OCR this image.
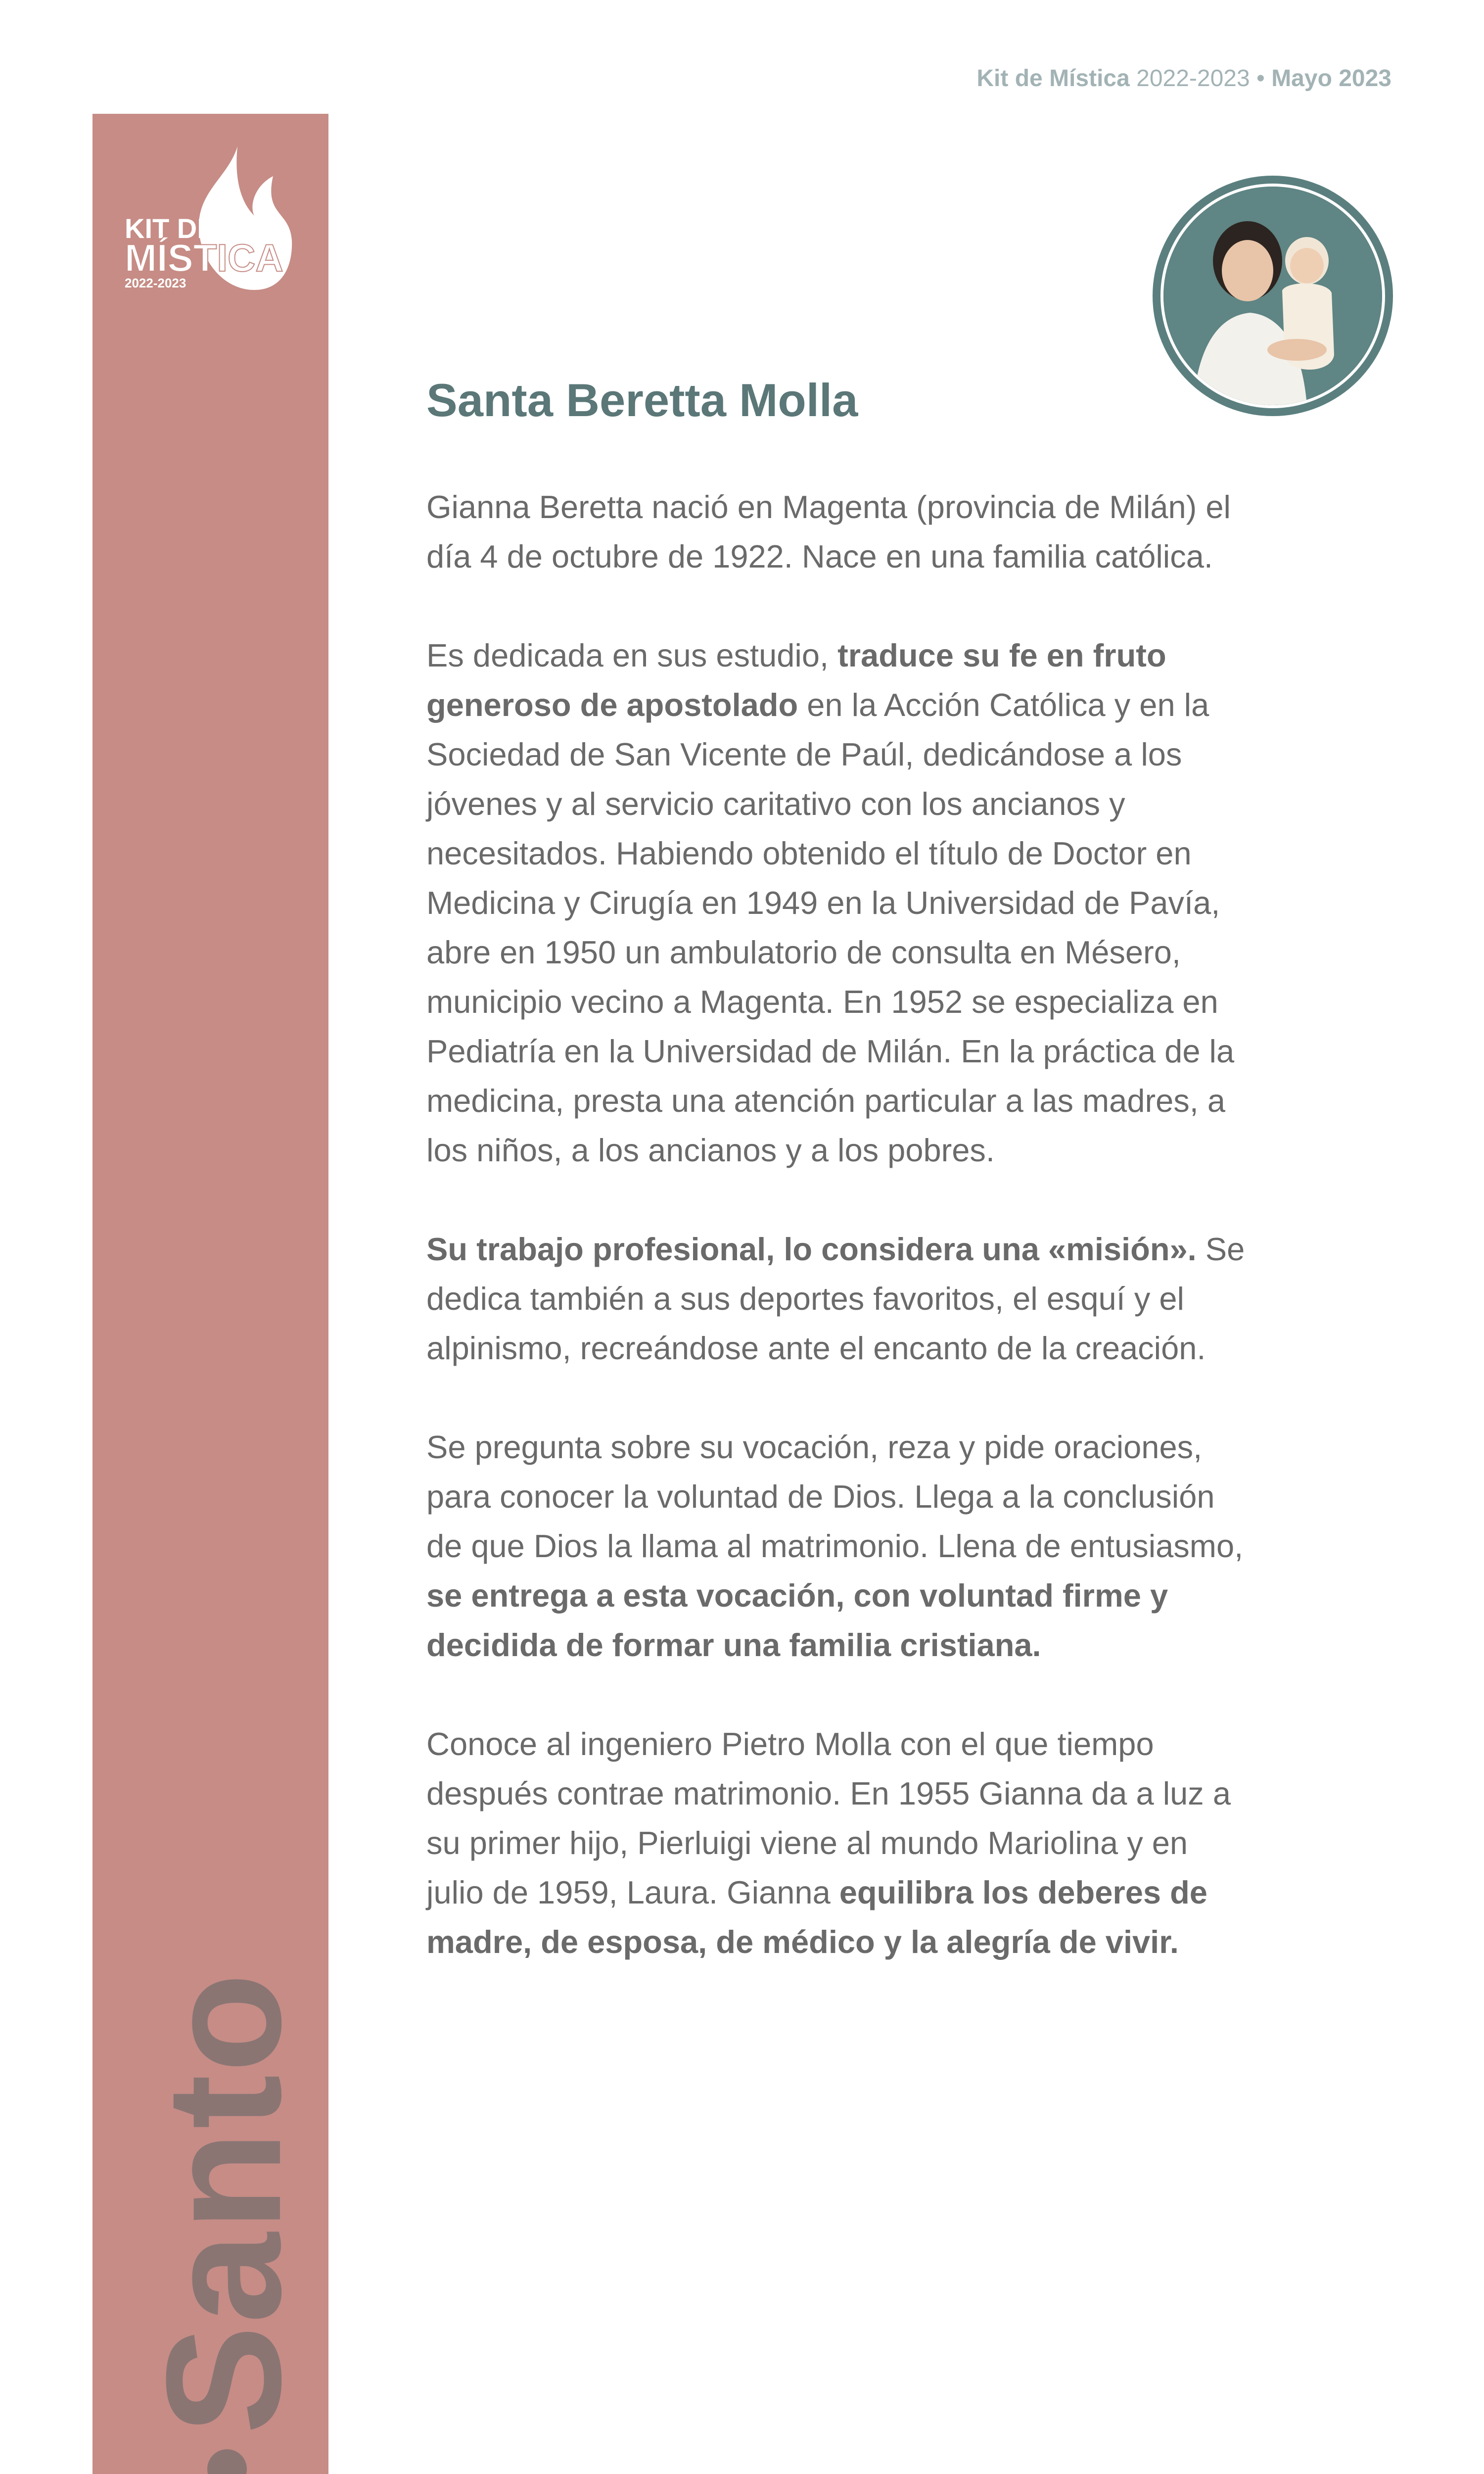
Kit de Mística 2022-2023 • Mayo 2023
KIT DE
MÍSTICA
2022-2023
Santo
Santa Beretta Molla

Gianna Beretta nació en Magenta (provincia de Milán) el día 4 de octubre de 1922. Nace en una familia católica.

Es dedicada en sus estudio, traduce su fe en fruto generoso de apostolado en la Acción Católica y en la Sociedad de San Vicente de Paúl, dedicándose a los jóvenes y al servicio caritativo con los ancianos y necesitados. Habiendo obtenido el título de Doctor en Medicina y Cirugía en 1949 en la Universidad de Pavía, abre en 1950 un ambulatorio de consulta en Mésero, municipio vecino a Magenta. En 1952 se especializa en Pediatría en la Universidad de Milán. En la práctica de la medicina, presta una atención particular a las madres, a los niños, a los ancianos y a los pobres.

Su trabajo profesional, lo considera una «misión». Se dedica también a sus deportes favoritos, el esquí y el alpinismo, recreándose ante el encanto de la creación.

Se pregunta sobre su vocación, reza y pide oraciones, para conocer la voluntad de Dios. Llega a la conclusión de que Dios la llama al matrimonio. Llena de entusiasmo, se entrega a esta vocación, con voluntad firme y decidida de formar una familia cristiana.

Conoce al ingeniero Pietro Molla con el que tiempo después contrae matrimonio. En 1955 Gianna da a luz a su primer hijo, Pierluigi viene al mundo Mariolina y en julio de 1959, Laura. Gianna equilibra los deberes de madre, de esposa, de médico y la alegría de vivir.
